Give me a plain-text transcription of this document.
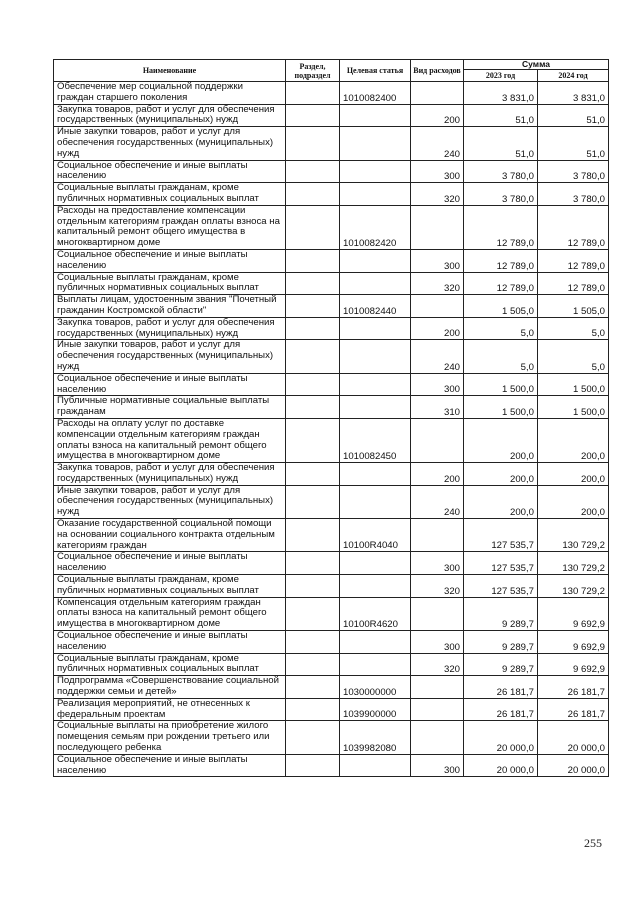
Наименование	Раздел, подраздел	Целевая статья	Вид расходов	Сумма	
				2023 год	2024 год
Обеспечение мер социальной поддержки граждан старшего поколения		1010082400		3 831,0	3 831,0
Закупка товаров, работ и услуг для обеспечения государственных (муниципальных) нужд			200	51,0	51,0
Иные закупки товаров, работ и услуг для обеспечения государственных (муниципальных) нужд			240	51,0	51,0
Социальное обеспечение и иные выплаты населению			300	3 780,0	3 780,0
Социальные выплаты гражданам, кроме публичных нормативных социальных выплат			320	3 780,0	3 780,0
Расходы на предоставление компенсации отдельным категориям граждан оплаты взноса на капитальный ремонт общего имущества в многоквартирном доме		1010082420		12 789,0	12 789,0
Социальное обеспечение и иные выплаты населению			300	12 789,0	12 789,0
Социальные выплаты гражданам, кроме публичных нормативных социальных выплат			320	12 789,0	12 789,0
Выплаты лицам, удостоенным звания "Почетный гражданин Костромской области"		1010082440		1 505,0	1 505,0
Закупка товаров, работ и услуг для обеспечения государственных (муниципальных) нужд			200	5,0	5,0
Иные закупки товаров, работ и услуг для обеспечения государственных (муниципальных) нужд			240	5,0	5,0
Социальное обеспечение и иные выплаты населению			300	1 500,0	1 500,0
Публичные нормативные социальные выплаты гражданам			310	1 500,0	1 500,0
Расходы на оплату услуг по доставке компенсации отдельным категориям граждан оплаты взноса на капитальный ремонт общего имущества в многоквартирном доме		1010082450		200,0	200,0
Закупка товаров, работ и услуг для обеспечения государственных (муниципальных) нужд			200	200,0	200,0
Иные закупки товаров, работ и услуг для обеспечения государственных (муниципальных) нужд			240	200,0	200,0
Оказание государственной социальной помощи на основании социального контракта отдельным категориям граждан		10100R4040		127 535,7	130 729,2
Социальное обеспечение и иные выплаты населению			300	127 535,7	130 729,2
Социальные выплаты гражданам, кроме публичных нормативных социальных выплат			320	127 535,7	130 729,2
Компенсация отдельным категориям граждан оплаты взноса на капитальный ремонт общего имущества в многоквартирном доме		10100R4620		9 289,7	9 692,9
Социальное обеспечение и иные выплаты населению			300	9 289,7	9 692,9
Социальные выплаты гражданам, кроме публичных нормативных социальных выплат			320	9 289,7	9 692,9
Подпрограмма «Совершенствование социальной поддержки семьи и детей»		1030000000		26 181,7	26 181,7
Реализация мероприятий, не отнесенных к федеральным проектам		1039900000		26 181,7	26 181,7
Социальные выплаты на приобретение жилого помещения семьям при рождении третьего или последующего ребенка		1039982080		20 000,0	20 000,0
Социальное обеспечение и иные выплаты населению			300	20 000,0	20 000,0
255
